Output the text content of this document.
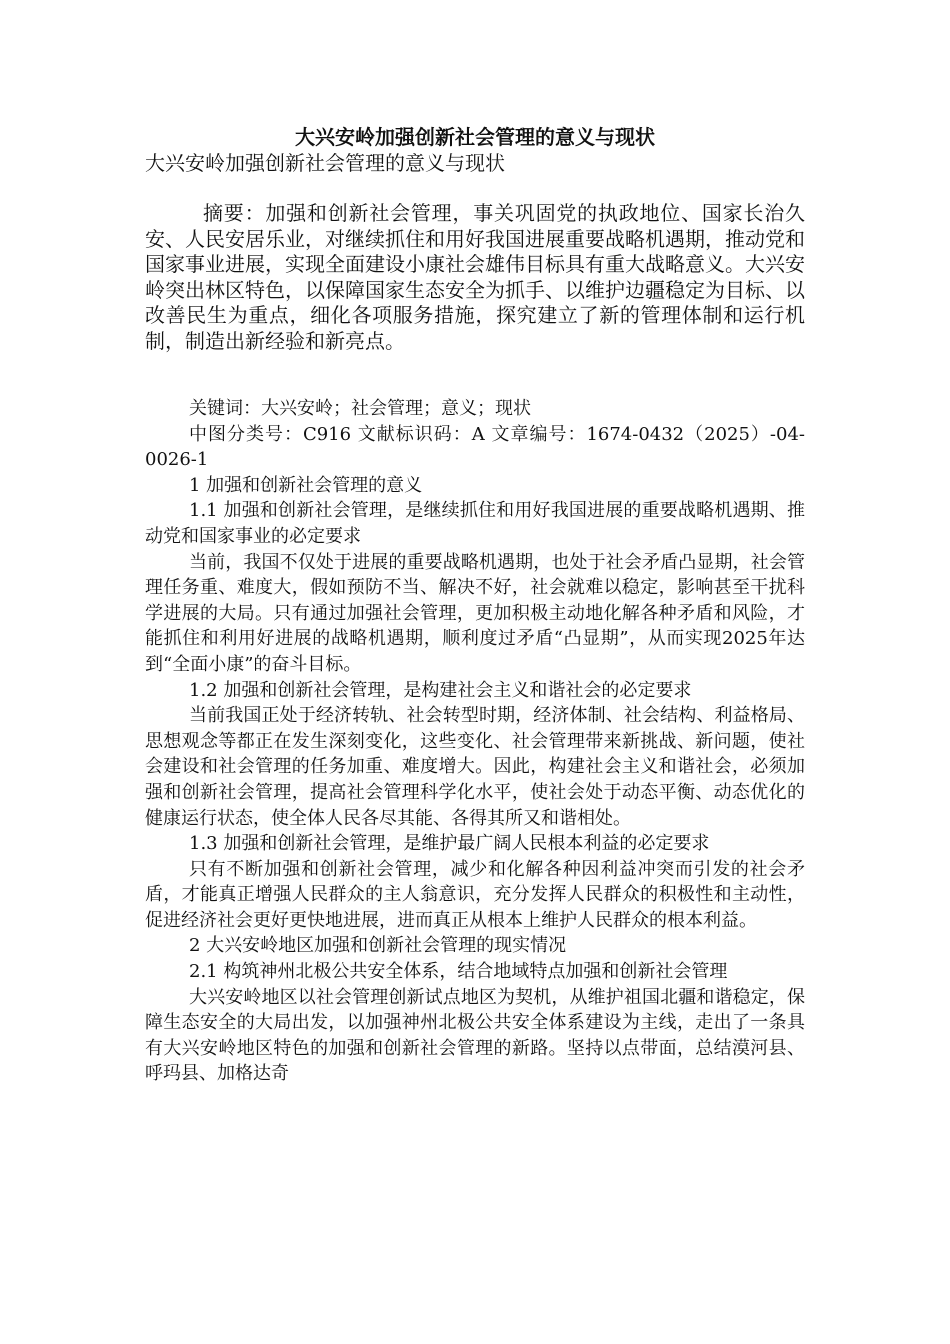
大兴安岭加强创新社会管理的意义与现状
大兴安岭加强创新社会管理的意义与现状
摘要：加强和创新社会管理，事关巩固党的执政地位、国家长治久安、人民安居乐业，对继续抓住和用好我国进展重要战略机遇期，推动党和国家事业进展，实现全面建设小康社会雄伟目标具有重大战略意义。大兴安岭突出林区特色，以保障国家生态安全为抓手、以维护边疆稳定为目标、以改善民生为重点，细化各项服务措施，探究建立了新的管理体制和运行机制，制造出新经验和新亮点。

关键词：大兴安岭；社会管理；意义；现状

中图分类号：C916 文献标识码：A 文章编号：1674-0432（2025）-04-0026-1

1 加强和创新社会管理的意义

1.1 加强和创新社会管理，是继续抓住和用好我国进展的重要战略机遇期、推动党和国家事业的必定要求

当前，我国不仅处于进展的重要战略机遇期，也处于社会矛盾凸显期，社会管理任务重、难度大，假如预防不当、解决不好，社会就难以稳定，影响甚至干扰科学进展的大局。只有通过加强社会管理，更加积极主动地化解各种矛盾和风险，才能抓住和利用好进展的战略机遇期，顺利度过矛盾“凸显期”，从而实现2025年达到“全面小康”的奋斗目标。

1.2 加强和创新社会管理，是构建社会主义和谐社会的必定要求

当前我国正处于经济转轨、社会转型时期，经济体制、社会结构、利益格局、思想观念等都正在发生深刻变化，这些变化、社会管理带来新挑战、新问题，使社会建设和社会管理的任务加重、难度增大。因此，构建社会主义和谐社会，必须加强和创新社会管理，提高社会管理科学化水平，使社会处于动态平衡、动态优化的健康运行状态，使全体人民各尽其能、各得其所又和谐相处。

1.3 加强和创新社会管理，是维护最广阔人民根本利益的必定要求

只有不断加强和创新社会管理，减少和化解各种因利益冲突而引发的社会矛盾，才能真正增强人民群众的主人翁意识，充分发挥人民群众的积极性和主动性，促进经济社会更好更快地进展，进而真正从根本上维护人民群众的根本利益。

2 大兴安岭地区加强和创新社会管理的现实情况

2.1 构筑神州北极公共安全体系，结合地域特点加强和创新社会管理

大兴安岭地区以社会管理创新试点地区为契机，从维护祖国北疆和谐稳定，保障生态安全的大局出发，以加强神州北极公共安全体系建设为主线，走出了一条具有大兴安岭地区特色的加强和创新社会管理的新路。坚持以点带面，总结漠河县、呼玛县、加格达奇
